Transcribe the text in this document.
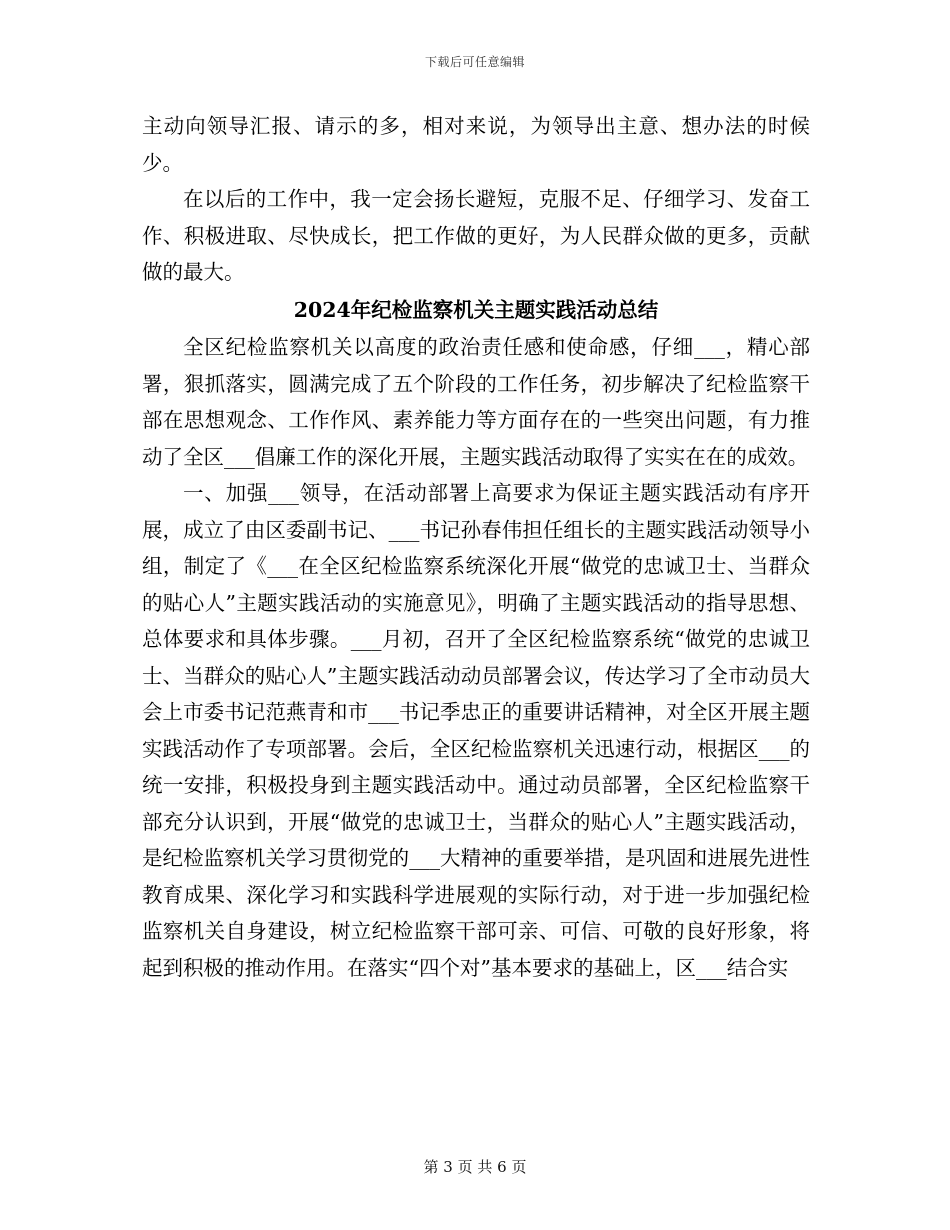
下载后可任意编辑

主动向领导汇报、请示的多，相对来说，为领导出主意、想办法的时候少。

在以后的工作中，我一定会扬长避短，克服不足、仔细学习、发奋工作、积极进取、尽快成长，把工作做的更好，为人民群众做的更多，贡献做的最大。

2024年纪检监察机关主题实践活动总结

全区纪检监察机关以高度的政治责任感和使命感，仔细___，精心部署，狠抓落实，圆满完成了五个阶段的工作任务，初步解决了纪检监察干部在思想观念、工作作风、素养能力等方面存在的一些突出问题，有力推动了全区___倡廉工作的深化开展，主题实践活动取得了实实在在的成效。

一、加强___领导，在活动部署上高要求为保证主题实践活动有序开展，成立了由区委副书记、___书记孙春伟担任组长的主题实践活动领导小组，制定了《___在全区纪检监察系统深化开展“做党的忠诚卫士、当群众的贴心人”主题实践活动的实施意见》，明确了主题实践活动的指导思想、总体要求和具体步骤。___月初，召开了全区纪检监察系统“做党的忠诚卫士、当群众的贴心人”主题实践活动动员部署会议，传达学习了全市动员大会上市委书记范燕青和市___书记季忠正的重要讲话精神，对全区开展主题实践活动作了专项部署。会后，全区纪检监察机关迅速行动，根据区___的统一安排，积极投身到主题实践活动中。通过动员部署，全区纪检监察干部充分认识到，开展“做党的忠诚卫士，当群众的贴心人”主题实践活动，是纪检监察机关学习贯彻党的___大精神的重要举措，是巩固和进展先进性教育成果、深化学习和实践科学进展观的实际行动，对于进一步加强纪检监察机关自身建设，树立纪检监察干部可亲、可信、可敬的良好形象，将起到积极的推动作用。在落实“四个对”基本要求的基础上，区___结合实

第 3 页 共 6 页
